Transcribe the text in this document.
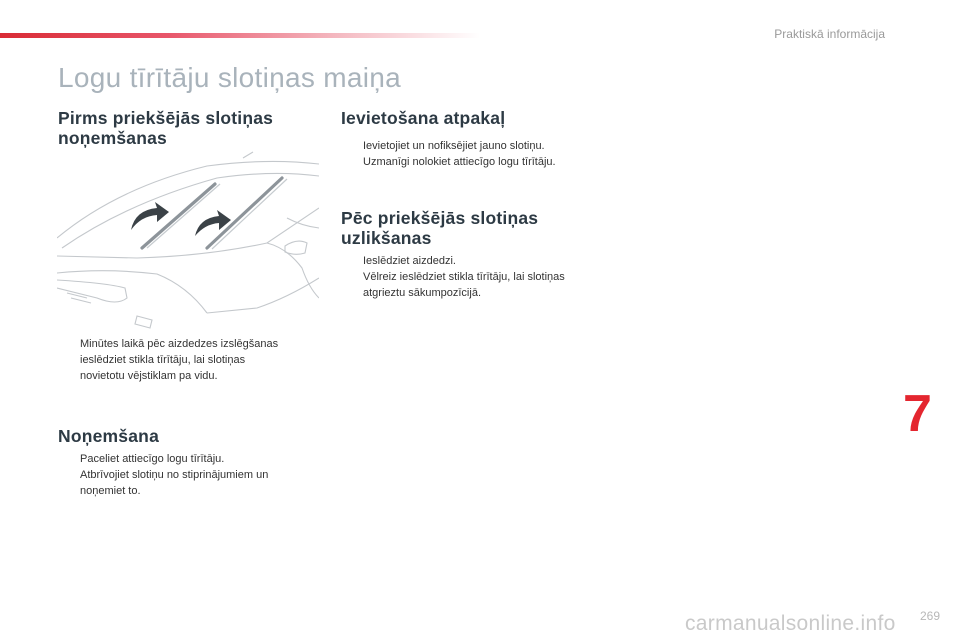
Praktiskā informācija
Logu tīrītāju slotiņas maiņa
Pirms priekšējās slotiņas
noņemšanas
Minūtes laikā pēc aizdedzes izslēgšanas
ieslēdziet stikla tīrītāju, lai slotiņas
novietotu vējstiklam pa vidu.
Noņemšana
Paceliet attiecīgo logu tīrītāju.
Atbrīvojiet slotiņu no stiprinājumiem un
noņemiet to.
Ievietošana atpakaļ
Ievietojiet un nofiksējiet jauno slotiņu.
Uzmanīgi nolokiet attiecīgo logu tīrītāju.
Pēc priekšējās slotiņas
uzlikšanas
Ieslēdziet aizdedzi.
Vēlreiz ieslēdziet stikla tīrītāju, lai slotiņas
atgrieztu sākumpozīcijā.
7
269
carmanualsonline.info
